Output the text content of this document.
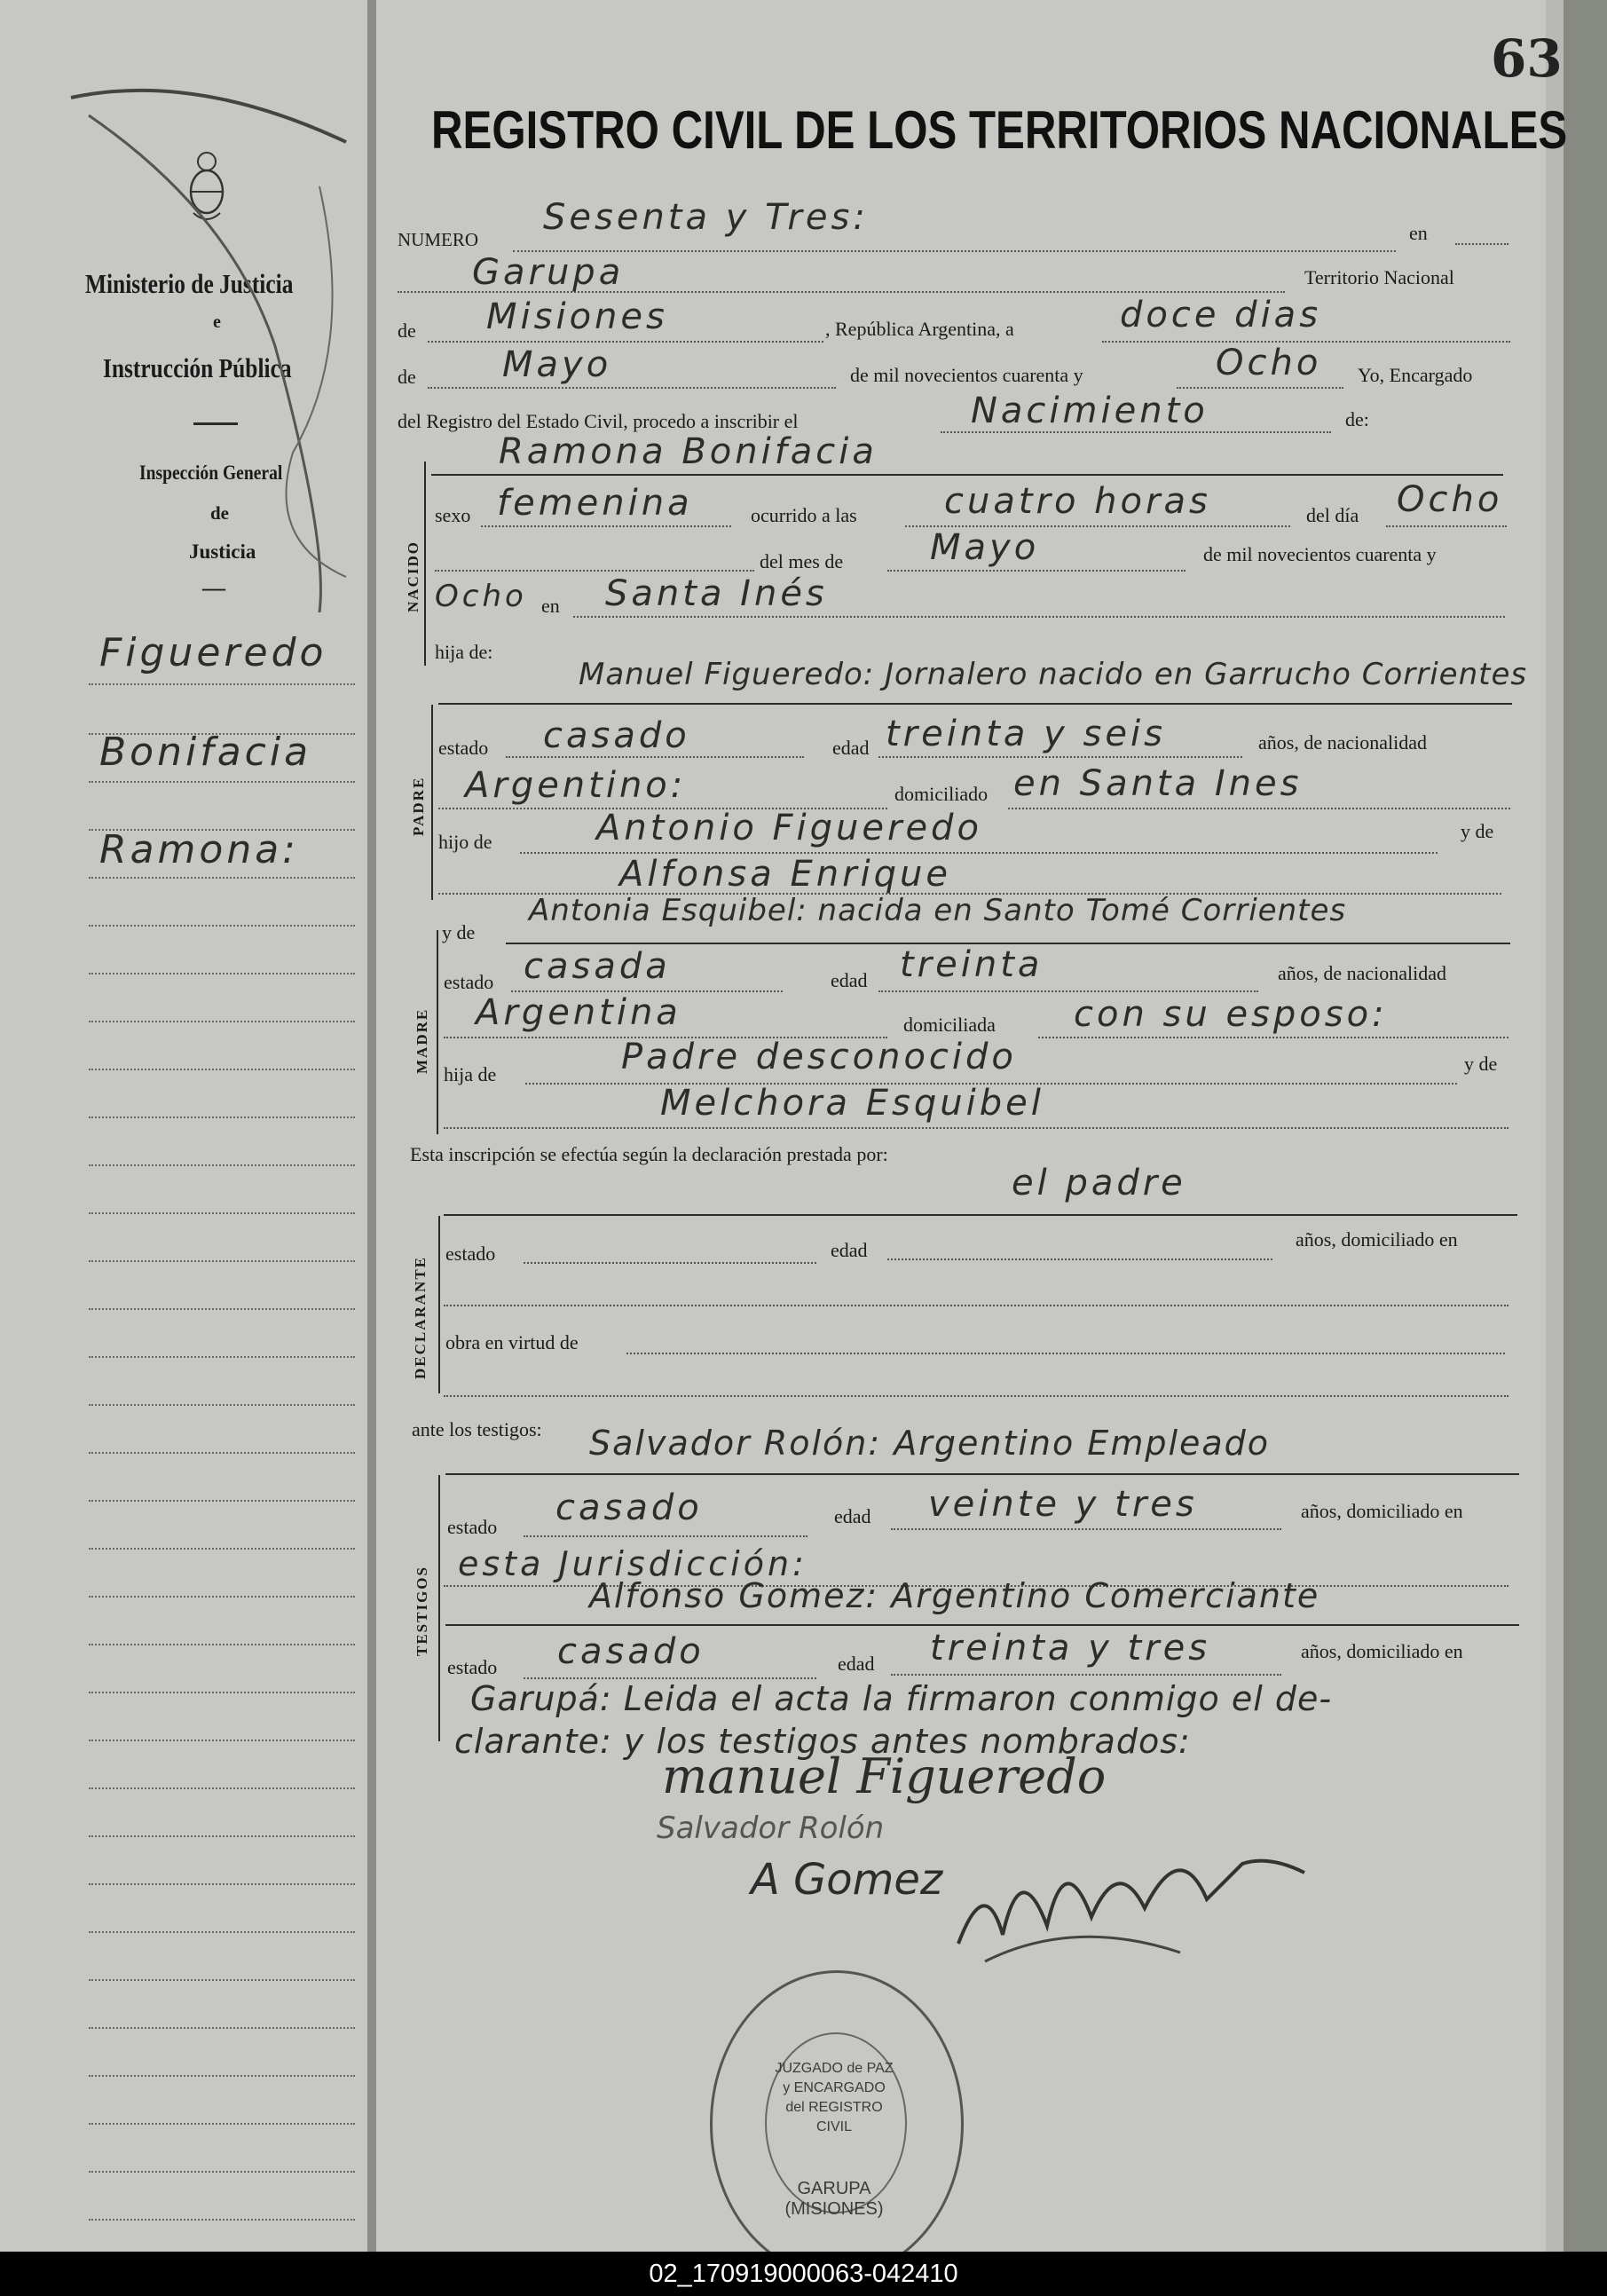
63
Ministerio de Justicia
e
Instrucción Pública
Inspección General
de
Justicia
—
Figueredo
Bonifacia
Ramona:
REGISTRO CIVIL DE LOS TERRITORIOS NACIONALES
NUMERO
Sesenta y Tres:	en
Garupa	Territorio Nacional
de Misiones	, República Argentina, a	doce dias
de Mayo	de mil novecientos cuarenta y	Ocho Yo, Encargado
del Registro del Estado Civil, procedo a inscribir el	Nacimiento	de:
NACIDO
Ramona Bonifacia
sexo femenina	ocurrido a las cuatro horas	del día Ocho
del mes de Mayo	de mil novecientos cuarenta y
Ocho en Santa Inés
hija de:
PADRE
Manuel Figueredo: Jornalero nacido en Garrucho Corrientes
estado casado	edad treinta y seis	años, de nacionalidad
Argentino:	domiciliado en Santa Ines
hijo de	Antonio Figueredo	y de
Alfonsa Enrique
y de
Antonia Esquibel: nacida en Santo Tomé Corrientes
MADRE
estado casada	edad treinta	años, de nacionalidad
Argentina	domiciliada con su esposo:
hija de	Padre desconocido	y de
Melchora Esquibel
Esta inscripción se efectúa según la declaración prestada por:
DECLARANTE
el padre
estado	edad	años, domiciliado en
obra en virtud de
ante los testigos:
TESTIGOS
Salvador Rolón: Argentino Empleado
estado casado	edad veinte y tres	años, domiciliado en
esta Jurisdicción:
Alfonso Gomez: Argentino Comerciante
estado casado	edad treinta y tres	años, domiciliado en
Garupá: Leida el acta la firmaron conmigo el de-
clarante: y los testigos antes nombrados:
manuel Figueredo
Salvador Rolón
A Gomez
JUZGADO de PAZ y ENCARGADO del REGISTRO CIVIL
GARUPA (MISIONES)
02_170919000063-042410
